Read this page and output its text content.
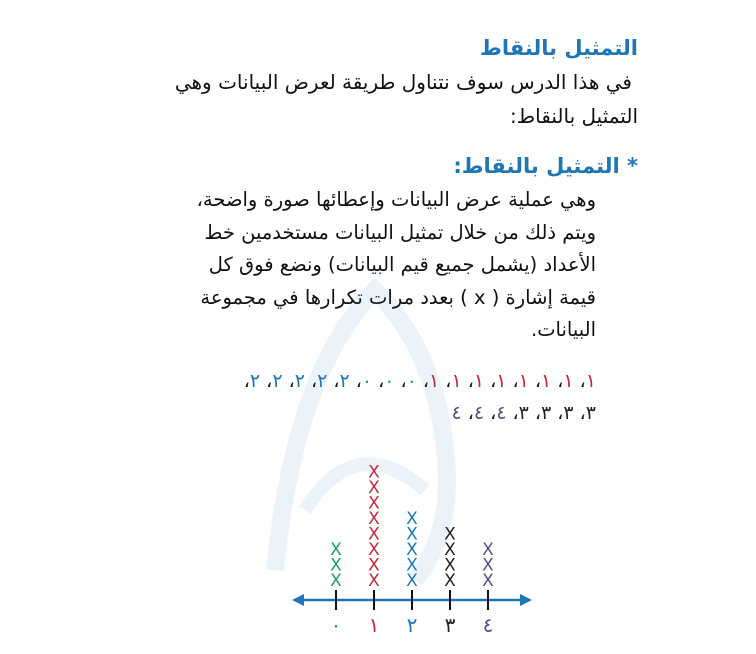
التمثيل بالنقاط
في هذا الدرس سوف نتناول طريقة لعرض البيانات وهي
التمثيل بالنقاط:
* التمثيل بالنقاط:
وهي عملية عرض البيانات وإعطائها صورة واضحة،
ويتم ذلك من خلال تمثيل البيانات مستخدمين خط
الأعداد (يشمل جميع قيم البيانات) ونضع فوق كل
قيمة إشارة ( x ) بعدد مرات تكرارها في مجموعة
البيانات.
١، ١، ١، ١، ١، ١، ١، ١، ٠، ٠، ٠، ٢، ٢، ٢، ٢، ٢،
٣، ٣، ٣، ٣، ٤، ٤، ٤
٠
X
X
X
١
X
X
X
X
X
X
X
X
٢
X
X
X
X
X
٣
X
X
X
X
٤
X
X
X
